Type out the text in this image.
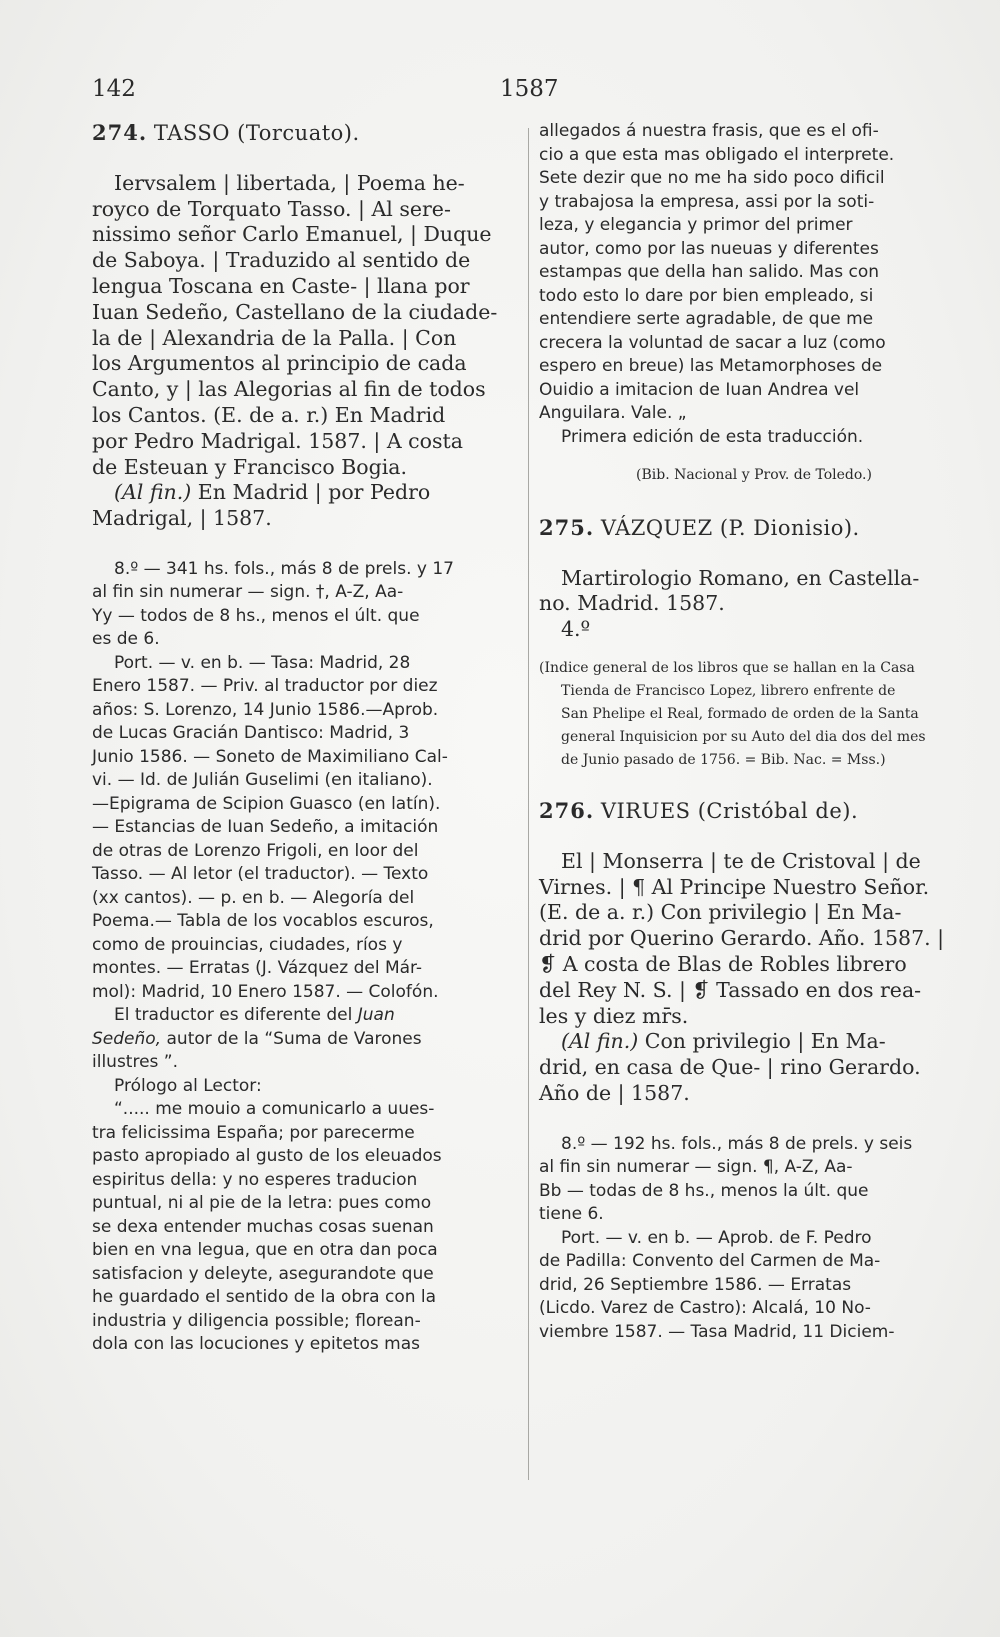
142	1587
274. TASSO (Torcuato).

Iervsalem | libertada, | Poema he-

royco de Torquato Tasso. | Al sere-

nissimo señor Carlo Emanuel, | Duque

de Saboya. | Traduzido al sentido de

lengua Toscana en Caste- | llana por

Iuan Sedeño, Castellano de la ciudade-

la de | Alexandria de la Palla. | Con

los Argumentos al principio de cada

Canto, y | las Alegorias al fin de todos

los Cantos. (E. de a. r.) En Madrid

por Pedro Madrigal. 1587. | A costa

de Esteuan y Francisco Bogia.

(Al fin.) En Madrid | por Pedro

Madrigal, | 1587.

8.º — 341 hs. fols., más 8 de prels. y 17

al fin sin numerar — sign. †, A-Z, Aa-

Yy — todos de 8 hs., menos el últ. que

es de 6.

Port. — v. en b. — Tasa: Madrid, 28

Enero 1587. — Priv. al traductor por diez

años: S. Lorenzo, 14 Junio 1586.—Aprob.

de Lucas Gracián Dantisco: Madrid, 3

Junio 1586. — Soneto de Maximiliano Cal-

vi. — Id. de Julián Guselimi (en italiano).

—Epigrama de Scipion Guasco (en latín).

— Estancias de Iuan Sedeño, a imitación

de otras de Lorenzo Frigoli, en loor del

Tasso. — Al letor (el traductor). — Texto

(xx cantos). — p. en b. — Alegoría del

Poema.— Tabla de los vocablos escuros,

como de prouincias, ciudades, ríos y

montes. — Erratas (J. Vázquez del Már-

mol): Madrid, 10 Enero 1587. — Colofón.

El traductor es diferente del Juan

Sedeño, autor de la “Suma de Varones

illustres ”.

Prólogo al Lector:

“..... me mouio a comunicarlo a uues-

tra felicissima España; por parecerme

pasto apropiado al gusto de los eleuados

espiritus della: y no esperes traducion

puntual, ni al pie de la letra: pues como

se dexa entender muchas cosas suenan

bien en vna legua, que en otra dan poca

satisfacion y deleyte, asegurandote que

he guardado el sentido de la obra con la

industria y diligencia possible; florean-

dola con las locuciones y epitetos mas

allegados á nuestra frasis, que es el ofi-

cio a que esta mas obligado el interprete.

Sete dezir que no me ha sido poco dificil

y trabajosa la empresa, assi por la soti-

leza, y elegancia y primor del primer

autor, como por las nueuas y diferentes

estampas que della han salido. Mas con

todo esto lo dare por bien empleado, si

entendiere serte agradable, de que me

crecera la voluntad de sacar a luz (como

espero en breue) las Metamorphoses de

Ouidio a imitacion de Iuan Andrea vel

Anguilara. Vale. „

Primera edición de esta traducción.

(Bib. Nacional y Prov. de Toledo.)
275. VÁZQUEZ (P. Dionisio).

Martirologio Romano, en Castella-

no. Madrid. 1587.

4.º

(Indice general de los libros que se hallan en la Casa

Tienda de Francisco Lopez, librero enfrente de

San Phelipe el Real, formado de orden de la Santa

general Inquisicion por su Auto del dia dos del mes

de Junio pasado de 1756. = Bib. Nac. = Mss.)

276. VIRUES (Cristóbal de).

El | Monserra | te de Cristoval | de

Virnes. | ¶ Al Principe Nuestro Señor.

(E. de a. r.) Con privilegio | En Ma-

drid por Querino Gerardo. Año. 1587. |

❡ A costa de Blas de Robles librero

del Rey N. S. | ❡ Tassado en dos rea-

les y diez mr̄s.

(Al fin.) Con privilegio | En Ma-

drid, en casa de Que- | rino Gerardo.

Año de | 1587.

8.º — 192 hs. fols., más 8 de prels. y seis

al fin sin numerar — sign. ¶, A-Z, Aa-

Bb — todas de 8 hs., menos la últ. que

tiene 6.

Port. — v. en b. — Aprob. de F. Pedro

de Padilla: Convento del Carmen de Ma-

drid, 26 Septiembre 1586. — Erratas

(Licdo. Varez de Castro): Alcalá, 10 No-

viembre 1587. — Tasa Madrid, 11 Diciem-
